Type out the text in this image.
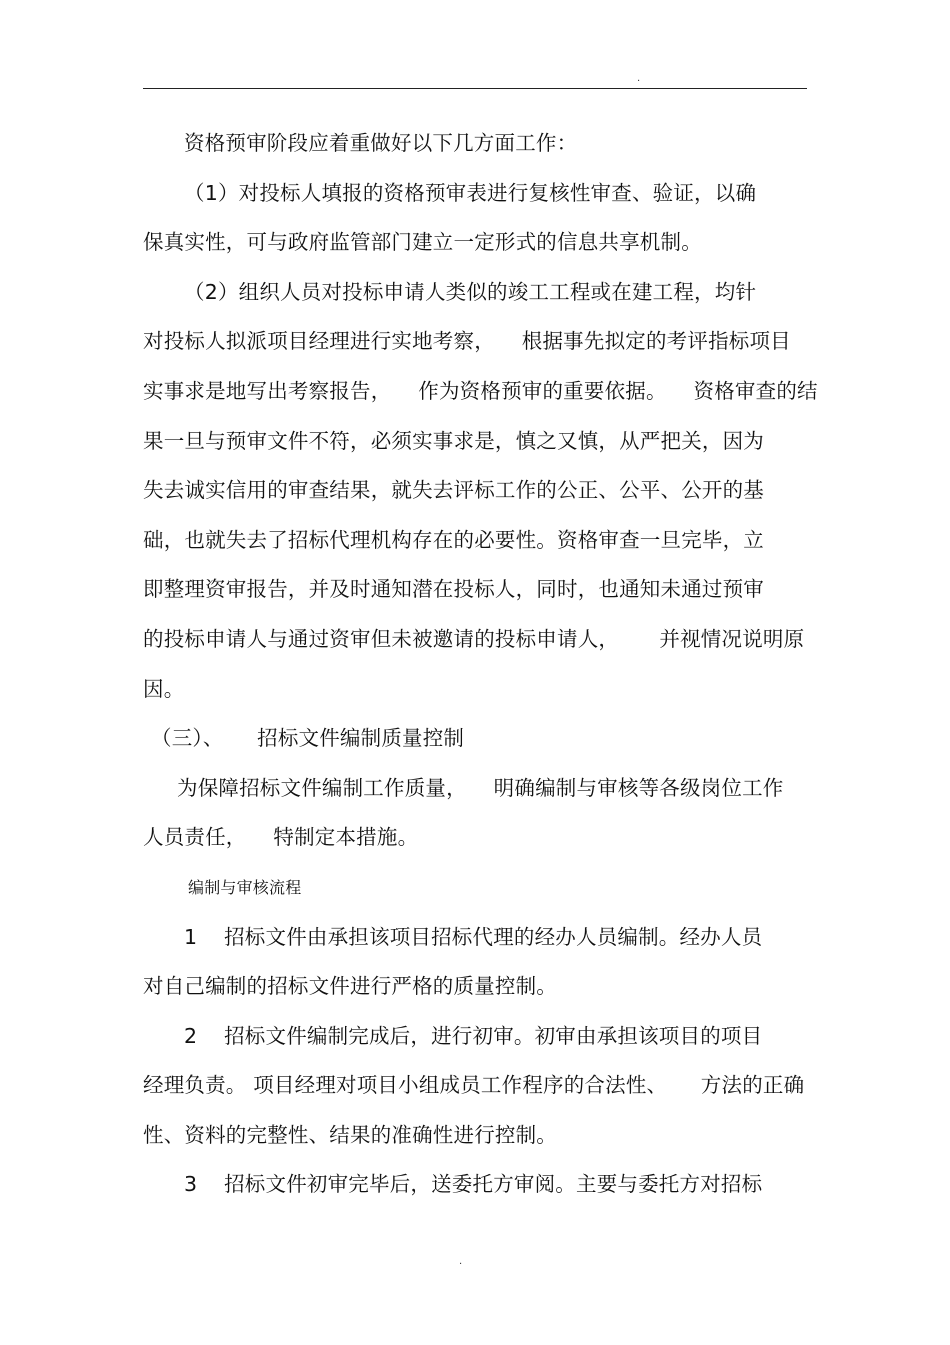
.
资格预审阶段应着重做好以下几方面工作：
（1）对投标人填报的资格预审表进行复核性审查、验证，以确
保真实性，可与政府监管部门建立一定形式的信息共享机制。
（2）组织人员对投标申请人类似的竣工工程或在建工程，均针
对投标人拟派项目经理进行实地考察，    根据事先拟定的考评指标项目
实事求是地写出考察报告，    作为资格预审的重要依据。    资格审查的结
果一旦与预审文件不符，必须实事求是，慎之又慎，从严把关，因为
失去诚实信用的审查结果，就失去评标工作的公正、公平、公开的基
础，也就失去了招标代理机构存在的必要性。资格审查一旦完毕，立
即整理资审报告，并及时通知潜在投标人，同时，也通知未通过预审
的投标申请人与通过资审但未被邀请的投标申请人，      并视情况说明原
因。
（三）、     招标文件编制质量控制
为保障招标文件编制工作质量，    明确编制与审核等各级岗位工作
人员责任，    特制定本措施。
编制与审核流程
1    招标文件由承担该项目招标代理的经办人员编制。经办人员
对自己编制的招标文件进行严格的质量控制。
2    招标文件编制完成后，进行初审。初审由承担该项目的项目
经理负责。 项目经理对项目小组成员工作程序的合法性、     方法的正确
性、资料的完整性、结果的准确性进行控制。
3    招标文件初审完毕后，送委托方审阅。主要与委托方对招标
.
